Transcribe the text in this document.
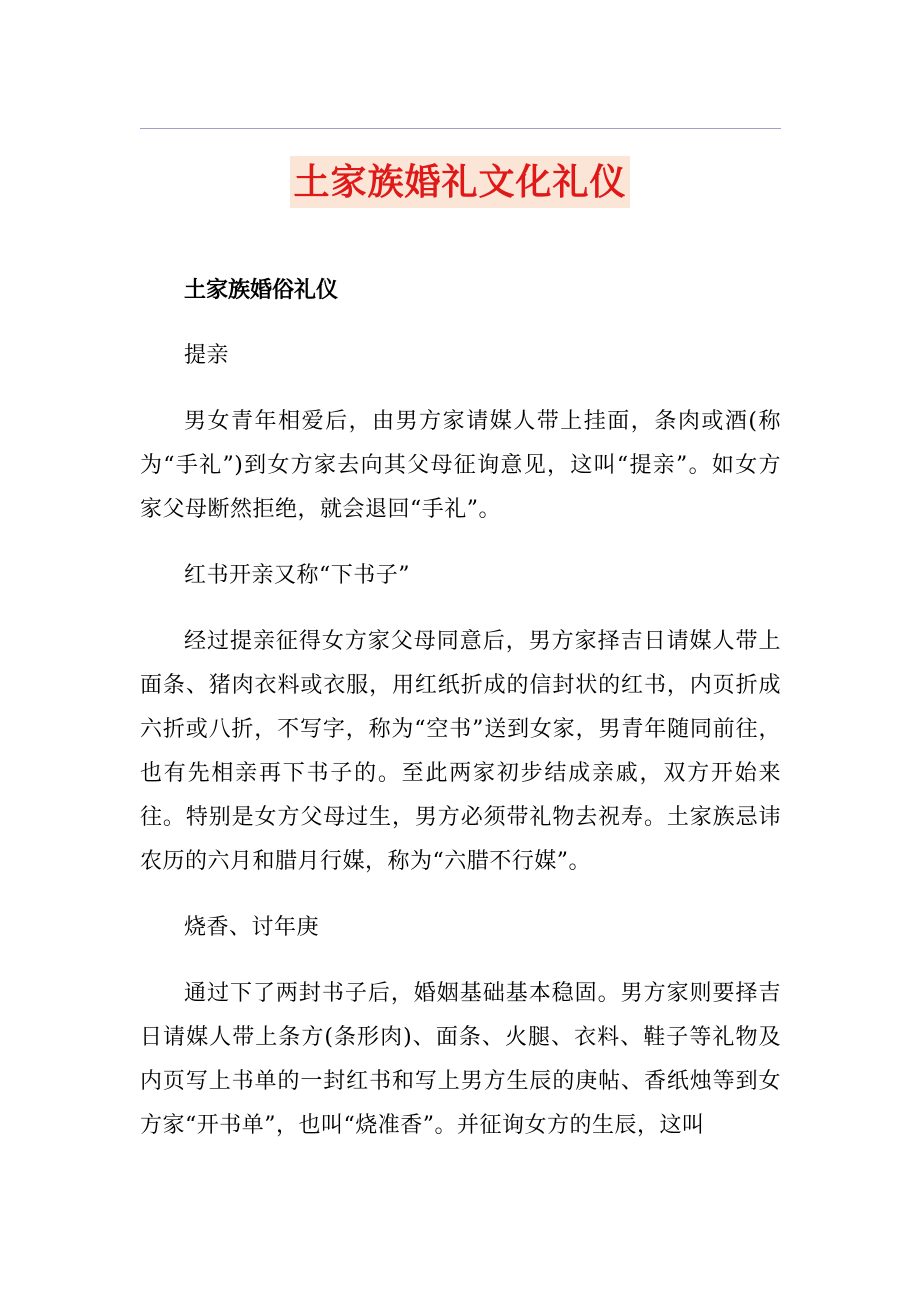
土家族婚礼文化礼仪

土家族婚俗礼仪

提亲

男女青年相爱后，由男方家请媒人带上挂面，条肉或酒(称为“手礼”)到女方家去向其父母征询意见，这叫“提亲”。如女方家父母断然拒绝，就会退回“手礼”。

红书开亲又称“下书子”

经过提亲征得女方家父母同意后，男方家择吉日请媒人带上面条、猪肉衣料或衣服，用红纸折成的信封状的红书，内页折成六折或八折，不写字，称为“空书”送到女家，男青年随同前往，也有先相亲再下书子的。至此两家初步结成亲戚，双方开始来往。特别是女方父母过生，男方必须带礼物去祝寿。土家族忌讳农历的六月和腊月行媒，称为“六腊不行媒”。

烧香、讨年庚

通过下了两封书子后，婚姻基础基本稳固。男方家则要择吉日请媒人带上条方(条形肉)、面条、火腿、衣料、鞋子等礼物及内页写上书单的一封红书和写上男方生辰的庚帖、香纸烛等到女方家“开书单”，也叫“烧准香”。并征询女方的生辰，这叫
